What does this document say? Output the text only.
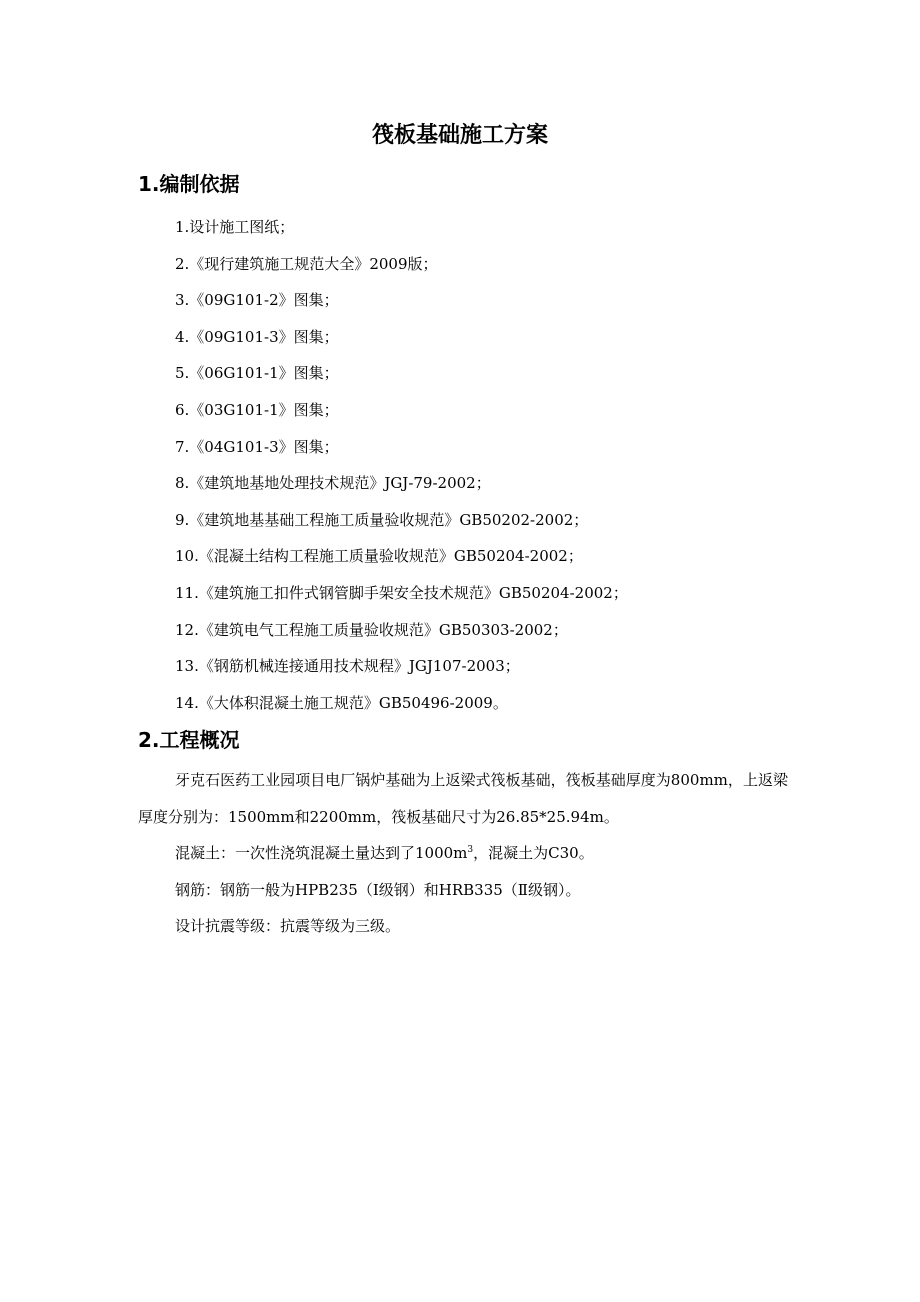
筏板基础施工方案
1.编制依据
1.设计施工图纸；
2.《现行建筑施工规范大全》2009版；
3.《09G101-2》图集；
4.《09G101-3》图集；
5.《06G101-1》图集；
6.《03G101-1》图集；
7.《04G101-3》图集；
8.《建筑地基地处理技术规范》JGJ-79-2002；
9.《建筑地基基础工程施工质量验收规范》GB50202-2002；
10.《混凝土结构工程施工质量验收规范》GB50204-2002；
11.《建筑施工扣件式钢管脚手架安全技术规范》GB50204-2002；
12.《建筑电气工程施工质量验收规范》GB50303-2002；
13.《钢筋机械连接通用技术规程》JGJ107-2003；
14.《大体积混凝土施工规范》GB50496-2009。
2.工程概况

牙克石医药工业园项目电厂锅炉基础为上返梁式筏板基础，筏板基础厚度为800mm，上返梁厚度分别为：1500mm和2200mm，筏板基础尺寸为26.85*25.94m。

混凝土：一次性浇筑混凝土量达到了$1000m^3$，混凝土为C30。

钢筋：钢筋一般为HPB235（Ⅰ级钢）和HRB335（Ⅱ级钢）。

设计抗震等级：抗震等级为三级。
